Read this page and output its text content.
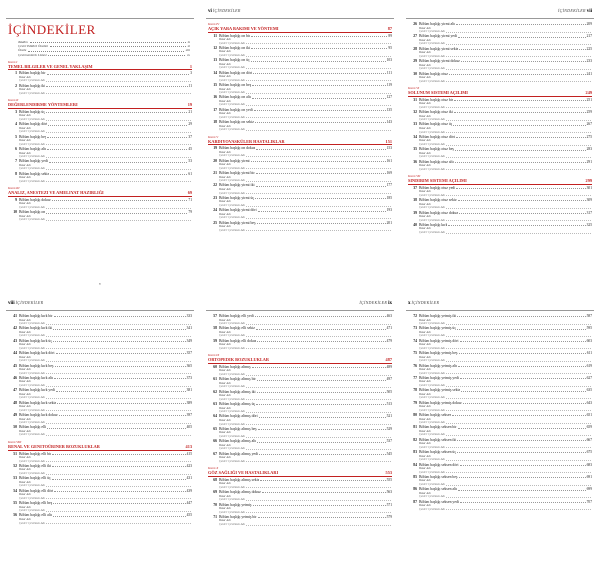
İÇİNDEKİLER
Takdim	ix
Çeviri Editörü Önsözü	xi
Önsöz	xiii
Çevirmenlerin Listesi	xv
Kısım I
TEMEL BILGILER VE GENEL YAKLAŞIM	1
1 Bölüm başlığı bir	3
Yazar Adı
Çeviri: Çevirmen Adı
2 Bölüm başlığı iki	11
Yazar Adı
Çeviri: Çevirmen Adı
Kısım II
DEĞERLENDIRME YÖNTEMLERI	19
3 Bölüm başlığı üç	21
Yazar Adı
Çeviri: Çevirmen Adı
4 Bölüm başlığı dört	29
Yazar Adı
Çeviri: Çevirmen Adı
5 Bölüm başlığı beş	37
Yazar Adı
Çeviri: Çevirmen Adı
6 Bölüm başlığı altı	45
Yazar Adı
Çeviri: Çevirmen Adı
7 Bölüm başlığı yedi	53
Yazar Adı
Çeviri: Çevirmen Adı
8 Bölüm başlığı sekiz	61
Yazar Adı
Çeviri: Çevirmen Adı
Kısım III
ANALIZ, ANESTEZI VE AMELIYAT HAZIRLIĞI	69
9 Bölüm başlığı dokuz	71
Yazar Adı
Çeviri: Çevirmen Adı
10 Bölüm başlığı on	79
Yazar Adı
Çeviri: Çevirmen Adı
v
vi İÇİNDEKİLER
Kısım IV
AÇIK YARA BAKIMI VE YÖNTEMI	87
11 Bölüm başlığı on bir	89
Yazar Adı
Çeviri: Çevirmen Adı
12 Bölüm başlığı on iki	95
Yazar Adı
Çeviri: Çevirmen Adı
13 Bölüm başlığı on üç	103
Yazar Adı
Çeviri: Çevirmen Adı
14 Bölüm başlığı on dört	111
Yazar Adı
Çeviri: Çevirmen Adı
15 Bölüm başlığı on beş	119
Yazar Adı
Çeviri: Çevirmen Adı
16 Bölüm başlığı on altı	127
Yazar Adı
Çeviri: Çevirmen Adı
17 Bölüm başlığı on yedi	135
Yazar Adı
Çeviri: Çevirmen Adı
18 Bölüm başlığı on sekiz	143
Yazar Adı
Çeviri: Çevirmen Adı
Kısım V
KARDIYOVASKÜLER HASTALIKLAR	151
19 Bölüm başlığı on dokuz	153
Yazar Adı
Çeviri: Çevirmen Adı
20 Bölüm başlığı yirmi	161
Yazar Adı
Çeviri: Çevirmen Adı
21 Bölüm başlığı yirmi bir	169
Yazar Adı
Çeviri: Çevirmen Adı
22 Bölüm başlığı yirmi iki	177
Yazar Adı
Çeviri: Çevirmen Adı
23 Bölüm başlığı yirmi üç	185
Yazar Adı
Çeviri: Çevirmen Adı
24 Bölüm başlığı yirmi dört	193
Yazar Adı
Çeviri: Çevirmen Adı
25 Bölüm başlığı yirmi beş	201
Yazar Adı
Çeviri: Çevirmen Adı
İÇİNDEKİLER vii
26 Bölüm başlığı yirmi altı	209
Yazar Adı
Çeviri: Çevirmen Adı
27 Bölüm başlığı yirmi yedi	217
Yazar Adı
Çeviri: Çevirmen Adı
28 Bölüm başlığı yirmi sekiz	225
Yazar Adı
Çeviri: Çevirmen Adı
29 Bölüm başlığı yirmi dokuz	233
Yazar Adı
Çeviri: Çevirmen Adı
30 Bölüm başlığı otuz	241
Yazar Adı
Çeviri: Çevirmen Adı
Kısım VI
SOLUNUM SISTEMI AÇILIMI	249
31 Bölüm başlığı otuz bir	251
Yazar Adı
Çeviri: Çevirmen Adı
32 Bölüm başlığı otuz iki	259
Yazar Adı
Çeviri: Çevirmen Adı
33 Bölüm başlığı otuz üç	267
Yazar Adı
Çeviri: Çevirmen Adı
34 Bölüm başlığı otuz dört	275
Yazar Adı
Çeviri: Çevirmen Adı
35 Bölüm başlığı otuz beş	283
Yazar Adı
Çeviri: Çevirmen Adı
36 Bölüm başlığı otuz altı	291
Yazar Adı
Çeviri: Çevirmen Adı
Kısım VII
SINDIRIM SISTEMI AÇILIMI	299
37 Bölüm başlığı otuz yedi	301
Yazar Adı
Çeviri: Çevirmen Adı
38 Bölüm başlığı otuz sekiz	309
Yazar Adı
Çeviri: Çevirmen Adı
39 Bölüm başlığı otuz dokuz	317
Yazar Adı
Çeviri: Çevirmen Adı
40 Bölüm başlığı kırk	325
Yazar Adı
Çeviri: Çevirmen Adı
viii İÇİNDEKİLER
41 Bölüm başlığı kırk bir	333
Yazar Adı
Çeviri: Çevirmen Adı
42 Bölüm başlığı kırk iki	341
Yazar Adı
Çeviri: Çevirmen Adı
43 Bölüm başlığı kırk üç	349
Yazar Adı
Çeviri: Çevirmen Adı
44 Bölüm başlığı kırk dört	357
Yazar Adı
Çeviri: Çevirmen Adı
45 Bölüm başlığı kırk beş	365
Yazar Adı
Çeviri: Çevirmen Adı
46 Bölüm başlığı kırk altı	373
Yazar Adı
Çeviri: Çevirmen Adı
47 Bölüm başlığı kırk yedi	381
Yazar Adı
Çeviri: Çevirmen Adı
48 Bölüm başlığı kırk sekiz	389
Yazar Adı
Çeviri: Çevirmen Adı
49 Bölüm başlığı kırk dokuz	397
Yazar Adı
Çeviri: Çevirmen Adı
50 Bölüm başlığı elli	405
Yazar Adı
Çeviri: Çevirmen Adı
Kısım VIII
RENAL VE GENITOÜRINER BOZUKLUKLAR	413
51 Bölüm başlığı elli bir	415
Yazar Adı
Çeviri: Çevirmen Adı
52 Bölüm başlığı elli iki	423
Yazar Adı
Çeviri: Çevirmen Adı
53 Bölüm başlığı elli üç	431
Yazar Adı
Çeviri: Çevirmen Adı
54 Bölüm başlığı elli dört	439
Yazar Adı
Çeviri: Çevirmen Adı
55 Bölüm başlığı elli beş	447
Yazar Adı
Çeviri: Çevirmen Adı
56 Bölüm başlığı elli altı	455
Yazar Adı
Çeviri: Çevirmen Adı
İÇİNDEKİLER ix
57 Bölüm başlığı elli yedi	463
Yazar Adı
Çeviri: Çevirmen Adı
58 Bölüm başlığı elli sekiz	471
Yazar Adı
Çeviri: Çevirmen Adı
59 Bölüm başlığı elli dokuz	479
Yazar Adı
Çeviri: Çevirmen Adı
Kısım IX
ORTOPEDIK BOZUKLUKLAR	487
60 Bölüm başlığı altmış	489
Yazar Adı
Çeviri: Çevirmen Adı
61 Bölüm başlığı altmış bir	497
Yazar Adı
Çeviri: Çevirmen Adı
62 Bölüm başlığı altmış iki	505
Yazar Adı
Çeviri: Çevirmen Adı
63 Bölüm başlığı altmış üç	513
Yazar Adı
Çeviri: Çevirmen Adı
64 Bölüm başlığı altmış dört	521
Yazar Adı
Çeviri: Çevirmen Adı
65 Bölüm başlığı altmış beş	529
Yazar Adı
Çeviri: Çevirmen Adı
66 Bölüm başlığı altmış altı	537
Yazar Adı
Çeviri: Çevirmen Adı
67 Bölüm başlığı altmış yedi	545
Yazar Adı
Çeviri: Çevirmen Adı
Kısım X
GÖZ SAĞLIĞI VE HASTALIKLARI	553
68 Bölüm başlığı altmış sekiz	555
Yazar Adı
Çeviri: Çevirmen Adı
69 Bölüm başlığı altmış dokuz	563
Yazar Adı
Çeviri: Çevirmen Adı
70 Bölüm başlığı yetmiş	571
Yazar Adı
Çeviri: Çevirmen Adı
71 Bölüm başlığı yetmiş bir	579
Yazar Adı
Çeviri: Çevirmen Adı
x İÇİNDEKİLER
72 Bölüm başlığı yetmiş iki	587
Yazar Adı
Çeviri: Çevirmen Adı
73 Bölüm başlığı yetmiş üç	595
Yazar Adı
Çeviri: Çevirmen Adı
74 Bölüm başlığı yetmiş dört	603
Yazar Adı
Çeviri: Çevirmen Adı
75 Bölüm başlığı yetmiş beş	611
Yazar Adı
Çeviri: Çevirmen Adı
76 Bölüm başlığı yetmiş altı	619
Yazar Adı
Çeviri: Çevirmen Adı
77 Bölüm başlığı yetmiş yedi	627
Yazar Adı
Çeviri: Çevirmen Adı
78 Bölüm başlığı yetmiş sekiz	635
Yazar Adı
Çeviri: Çevirmen Adı
79 Bölüm başlığı yetmiş dokuz	643
Yazar Adı
Çeviri: Çevirmen Adı
80 Bölüm başlığı seksen	651
Yazar Adı
Çeviri: Çevirmen Adı
81 Bölüm başlığı seksen bir	659
Yazar Adı
Çeviri: Çevirmen Adı
82 Bölüm başlığı seksen iki	667
Yazar Adı
Çeviri: Çevirmen Adı
83 Bölüm başlığı seksen üç	675
Yazar Adı
Çeviri: Çevirmen Adı
84 Bölüm başlığı seksen dört	683
Yazar Adı
Çeviri: Çevirmen Adı
85 Bölüm başlığı seksen beş	691
Yazar Adı
Çeviri: Çevirmen Adı
86 Bölüm başlığı seksen altı	699
Yazar Adı
Çeviri: Çevirmen Adı
87 Bölüm başlığı seksen yedi	707
Yazar Adı
Çeviri: Çevirmen Adı
